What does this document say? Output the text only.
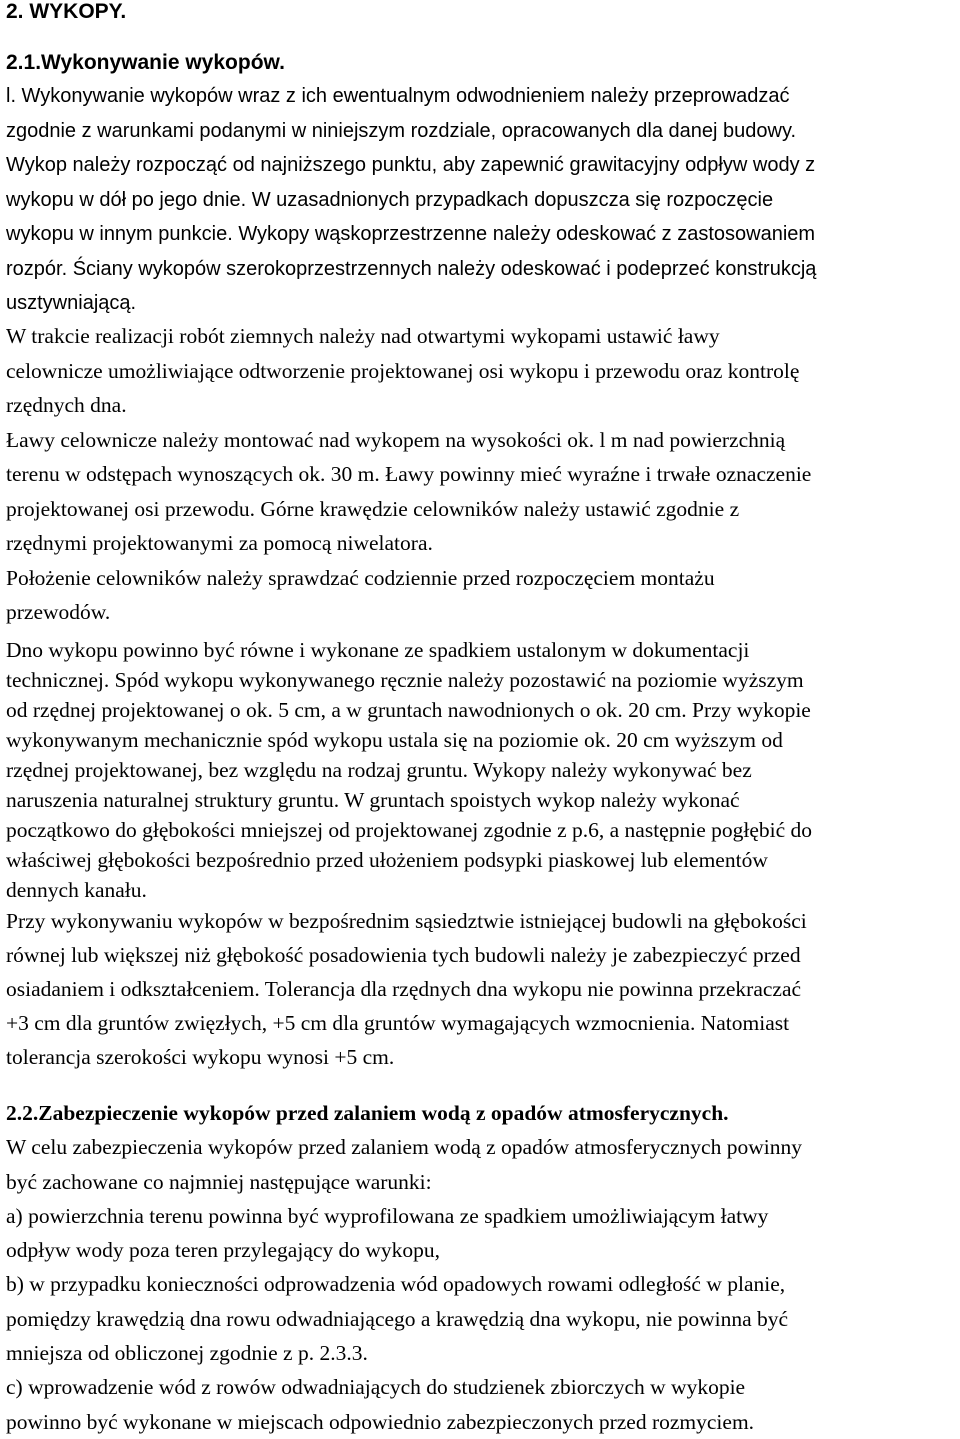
2. WYKOPY.
2.1.Wykonywanie wykopów.

l. Wykonywanie wykopów wraz z ich ewentualnym odwodnieniem należy przeprowadzać
zgodnie z warunkami podanymi w niniejszym rozdziale, opracowanych dla danej budowy.
Wykop należy rozpocząć od najniższego punktu, aby zapewnić grawitacyjny odpływ wody z
wykopu w dół po jego dnie. W uzasadnionych przypadkach dopuszcza się rozpoczęcie
wykopu w innym punkcie. Wykopy wąskoprzestrzenne należy odeskować z zastosowaniem
rozpór. Ściany wykopów szerokoprzestrzennych należy odeskować i podeprzeć konstrukcją
usztywniającą.

W trakcie realizacji robót ziemnych należy nad otwartymi wykopami ustawić ławy
celownicze umożliwiające odtworzenie projektowanej osi wykopu i przewodu oraz kontrolę
rzędnych dna.

Ławy celownicze należy montować nad wykopem na wysokości ok. l m nad powierzchnią
terenu w odstępach wynoszących ok. 30 m. Ławy powinny mieć wyraźne i trwałe oznaczenie
projektowanej osi przewodu. Górne krawędzie celowników należy ustawić zgodnie z
rzędnymi projektowanymi za pomocą niwelatora.

Położenie celowników należy sprawdzać codziennie przed rozpoczęciem montażu
przewodów.

Dno wykopu powinno być równe i wykonane ze spadkiem ustalonym w dokumentacji
technicznej. Spód wykopu wykonywanego ręcznie należy pozostawić na poziomie wyższym
od rzędnej projektowanej o ok. 5 cm, a w gruntach nawodnionych o ok. 20 cm. Przy wykopie
wykonywanym mechanicznie spód wykopu ustala się na poziomie ok. 20 cm wyższym od
rzędnej projektowanej, bez względu na rodzaj gruntu. Wykopy należy wykonywać bez
naruszenia naturalnej struktury gruntu. W gruntach spoistych wykop należy wykonać
początkowo do głębokości mniejszej od projektowanej zgodnie z p.6, a następnie pogłębić do
właściwej głębokości bezpośrednio przed ułożeniem podsypki piaskowej lub elementów
dennych kanału.

Przy wykonywaniu wykopów w bezpośrednim sąsiedztwie istniejącej budowli na głębokości
równej lub większej niż głębokość posadowienia tych budowli należy je zabezpieczyć przed
osiadaniem i odkształceniem. Tolerancja dla rzędnych dna wykopu nie powinna przekraczać
+3 cm dla gruntów zwięzłych, +5 cm dla gruntów wymagających wzmocnienia. Natomiast
tolerancja szerokości wykopu wynosi +5 cm.

2.2.Zabezpieczenie wykopów przed zalaniem wodą z opadów atmosferycznych.

W celu zabezpieczenia wykopów przed zalaniem wodą z opadów atmosferycznych powinny
być zachowane co najmniej następujące warunki:

a) powierzchnia terenu powinna być wyprofilowana ze spadkiem umożliwiającym łatwy
odpływ wody poza teren przylegający do wykopu,

b) w przypadku konieczności odprowadzenia wód opadowych rowami odległość w planie,
pomiędzy krawędzią dna rowu odwadniającego a krawędzią dna wykopu, nie powinna być
mniejsza od obliczonej zgodnie z p. 2.3.3.

c) wprowadzenie wód z rowów odwadniających do studzienek zbiorczych w wykopie
powinno być wykonane w miejscach odpowiednio zabezpieczonych przed rozmyciem.
